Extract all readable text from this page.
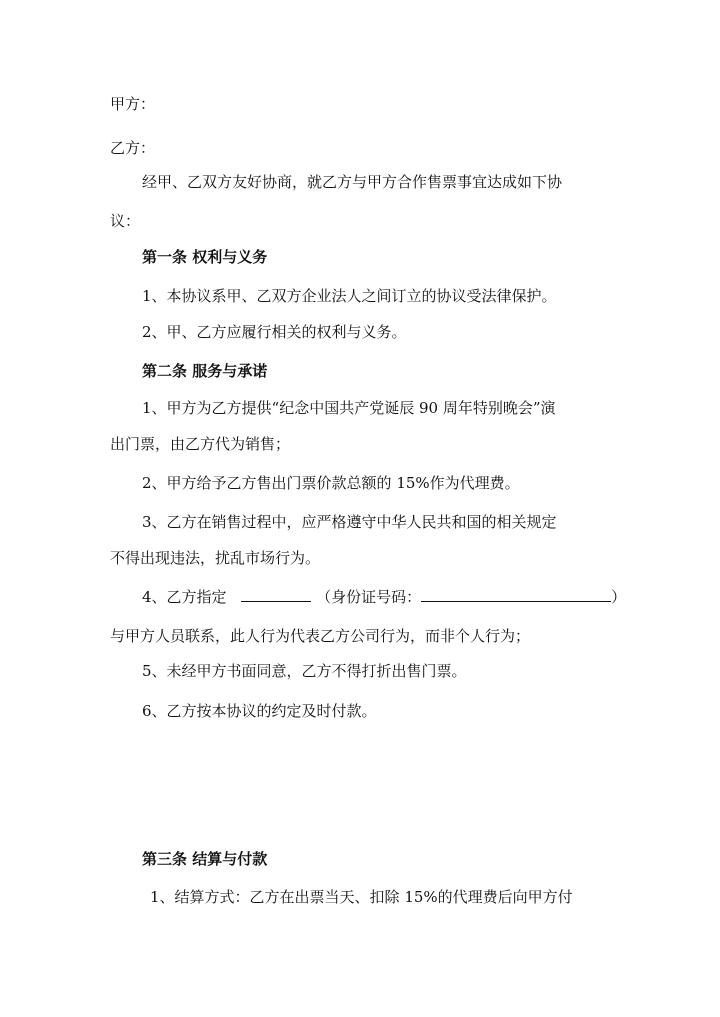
甲方：
乙方：
经甲、乙双方友好协商，就乙方与甲方合作售票事宜达成如下协
议：
第一条 权利与义务
1、本协议系甲、乙双方企业法人之间订立的协议受法律保护。
2、甲、乙方应履行相关的权利与义务。
第二条 服务与承诺
1、甲方为乙方提供“纪念中国共产党诞辰 90 周年特别晚会”演
出门票，由乙方代为销售；
2、甲方给予乙方售出门票价款总额的 15%作为代理费。
3、乙方在销售过程中，应严格遵守中华人民共和国的相关规定
不得出现违法，扰乱市场行为。
4、乙方指定	（身份证号码：	）
与甲方人员联系，此人行为代表乙方公司行为，而非个人行为；
5、未经甲方书面同意，乙方不得打折出售门票。
6、乙方按本协议的约定及时付款。
第三条 结算与付款
1、结算方式：乙方在出票当天、扣除 15%的代理费后向甲方付
